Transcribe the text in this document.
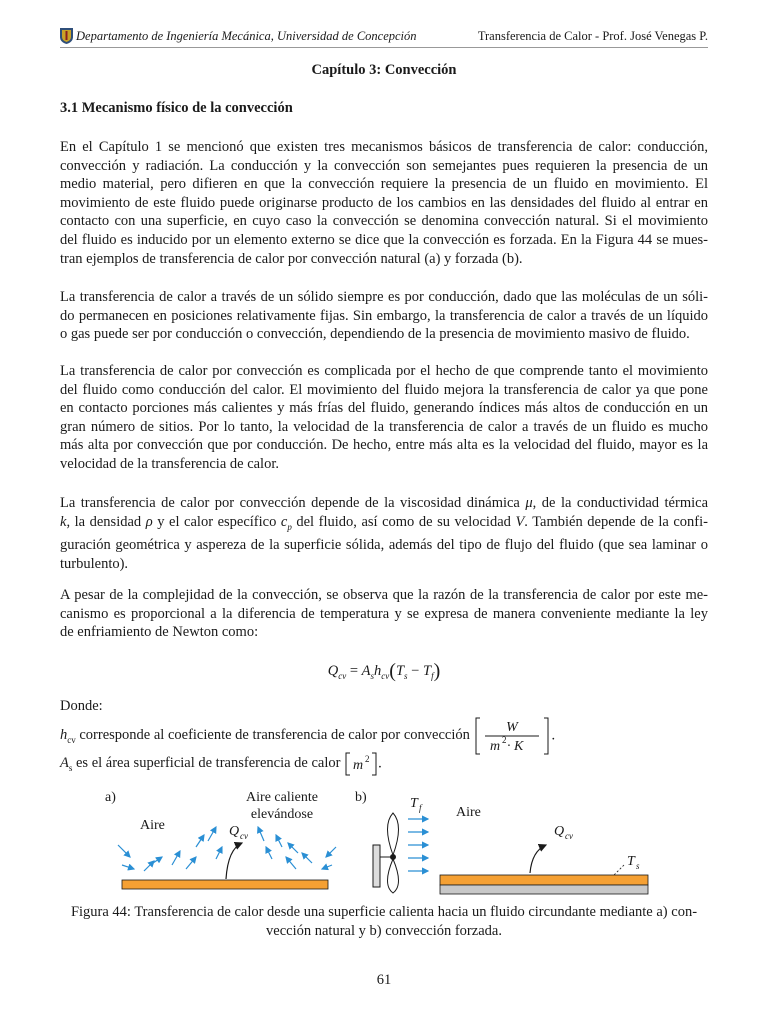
Departamento de Ingeniería Mecánica, Universidad de Concepción	Transferencia de Calor - Prof. José Venegas P.
Capítulo 3: Convección
3.1 Mecanismo físico de la convección

En el Capítulo 1 se mencionó que existen tres mecanismos básicos de transferencia de calor: conducción,
convección y radiación. La conducción y la convección son semejantes pues requieren la presencia de un
medio material, pero difieren en que la convección requiere la presencia de un fluido en movimiento. El
movimiento de este fluido puede originarse producto de los cambios en las densidades del fluido al entrar en
contacto con una superficie, en cuyo caso la convección se denomina convección natural. Si el movimiento
del fluido es inducido por un elemento externo se dice que la convección es forzada. En la Figura 44 se mues-
tran ejemplos de transferencia de calor por convección natural (a) y forzada (b).

La transferencia de calor a través de un sólido siempre es por conducción, dado que las moléculas de un sóli-
do permanecen en posiciones relativamente fijas. Sin embargo, la transferencia de calor a través de un líquido
o gas puede ser por conducción o convección, dependiendo de la presencia de movimiento masivo de fluido.

La transferencia de calor por convección es complicada por el hecho de que comprende tanto el movimiento
del fluido como conducción del calor. El movimiento del fluido mejora la transferencia de calor ya que pone
en contacto porciones más calientes y más frías del fluido, generando índices más altos de conducción en un
gran número de sitios. Por lo tanto, la velocidad de la transferencia de calor a través de un fluido es mucho
más alta por convección que por conducción. De hecho, entre más alta es la velocidad del fluido, mayor es la
velocidad de la transferencia de calor.

La transferencia de calor por convección depende de la viscosidad dinámica μ, de la conductividad térmica
k, la densidad ρ y el calor específico $c_p$ del fluido, así como de su velocidad V. También depende de la confi-
guración geométrica y aspereza de la superficie sólida, además del tipo de flujo del fluido (que sea laminar o
turbulento).

A pesar de la complejidad de la convección, se observa que la razón de la transferencia de calor por este me-
canismo es proporcional a la diferencia de temperatura y se expresa de manera conveniente mediante la ley
de enfriamiento de Newton como:

$Q_{cv} = A_sh_{cv}(T_s - T_f)$
Donde:
$h_{cv}$ corresponde al coeficiente de transferencia de calor por convección	W
m 2 · K
.
$A_s$ es el área superficial de transferencia de calor m 2 .
a)
Aire
Aire caliente
elevándose
Q cv
b)	T f Aire
Q cv
T s
Figura 44: Transferencia de calor desde una superficie calienta hacia un fluido circundante mediante a) con-
vección natural y b) convección forzada.
61
